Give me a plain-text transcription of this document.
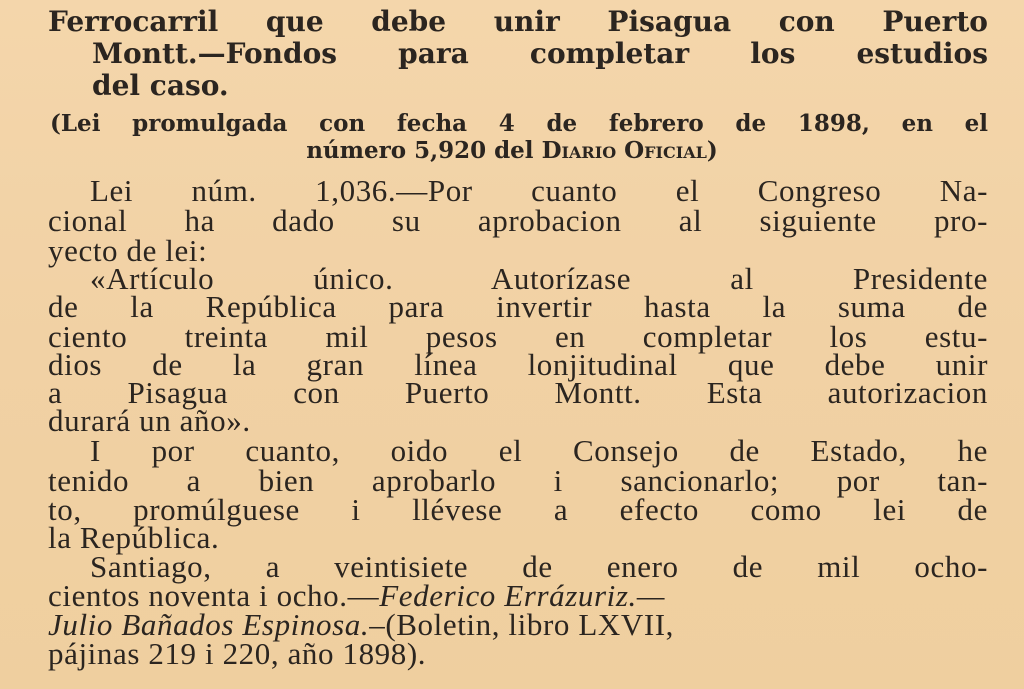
Ferrocarril que debe unir Pisagua con Puerto
Montt.—Fondos para completar los estudios
del caso.
(Lei promulgada con fecha 4 de febrero de 1898, en el
número 5,920 del Diario Oficial)
Lei núm. 1,036.—Por cuanto el Congreso Na-
cional ha dado su aprobacion al siguiente pro-
yecto de lei:
«Artículo único. Autorízase al Presidente
de la República para invertir hasta la suma de
ciento treinta mil pesos en completar los estu-
dios de la gran línea lonjitudinal que debe unir
a Pisagua con Puerto Montt. Esta autorizacion
durará un año».
I por cuanto, oido el Consejo de Estado, he
tenido a bien aprobarlo i sancionarlo; por tan-
to, promúlguese i llévese a efecto como lei de
la República.
Santiago, a veintisiete de enero de mil ocho-
cientos noventa i ocho.—Federico Errázuriz.—
Julio Bañados Espinosa.–(Boletin, libro LXVII,
pájinas 219 i 220, año 1898).
